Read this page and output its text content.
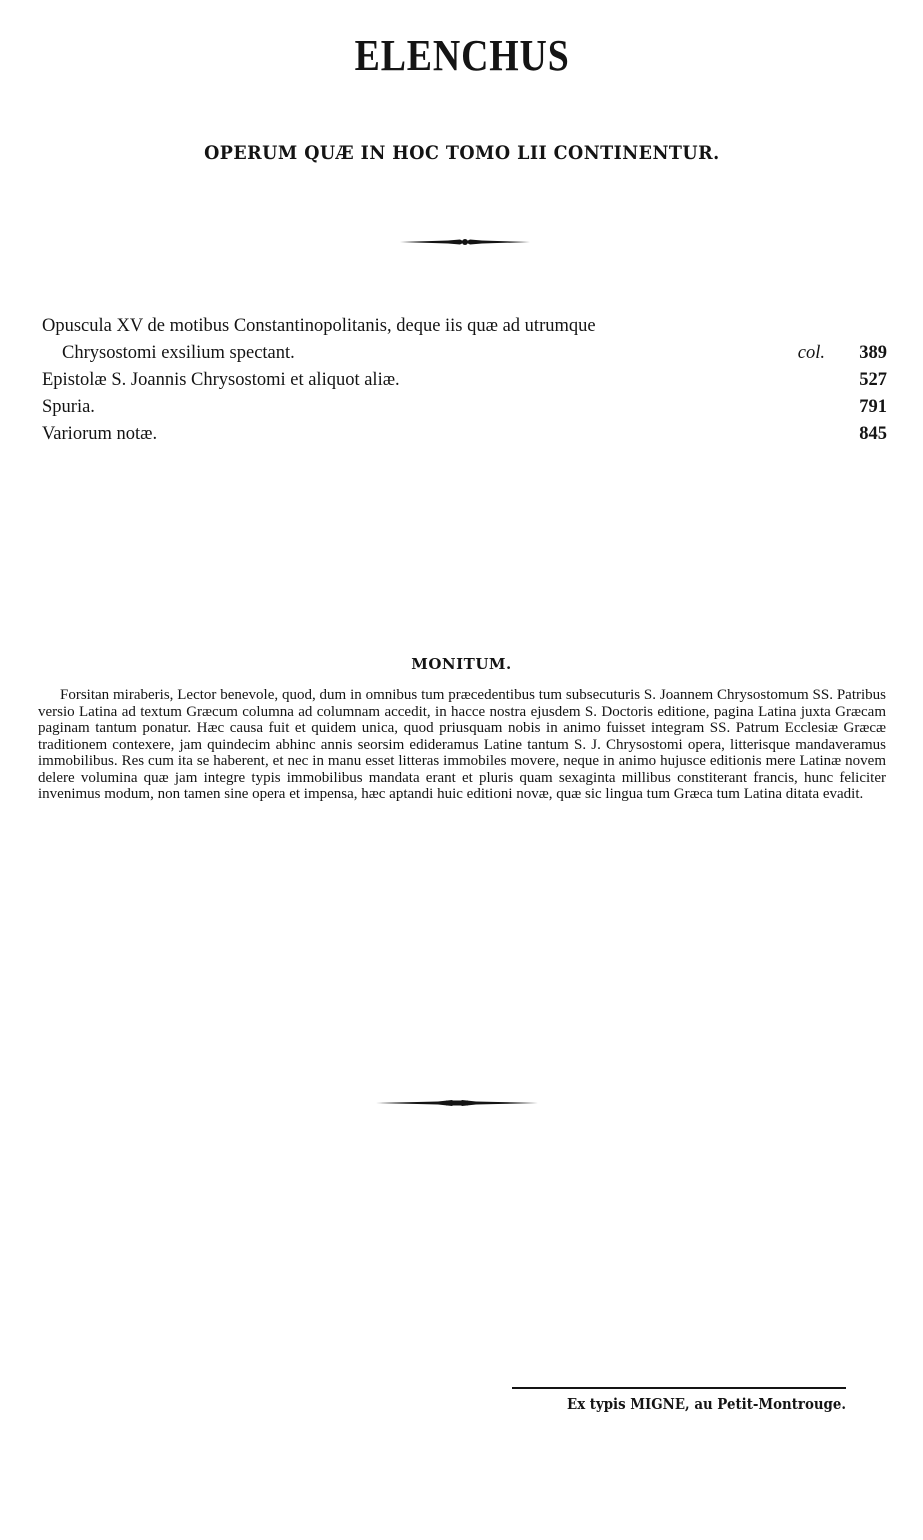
ELENCHUS
OPERUM QUÆ IN HOC TOMO LII CONTINENTUR.
Opuscula XV de motibus Constantinopolitanis, deque iis quæ ad utrumque
Chrysostomi exsilium spectant.	col. 389
Epistolæ S. Joannis Chrysostomi et aliquot aliæ.	527
Spuria.	791
Variorum notæ.	845
MONITUM.
Forsitan miraberis, Lector benevole, quod, dum in omnibus tum præcedentibus tum subsecuturis S. Joannem Chrysostomum SS. Patribus versio Latina ad textum Græcum columna ad columnam accedit, in hacce nostra ejusdem S. Doctoris editione, pagina Latina juxta Græcam paginam tantum ponatur. Hæc causa fuit et quidem unica, quod priusquam nobis in animo fuisset integram SS. Patrum Ecclesiæ Græcæ traditionem contexere, jam quindecim abhinc annis seorsim edideramus Latine tantum S. J. Chrysostomi opera, litterisque mandaveramus immobilibus. Res cum ita se haberent, et nec in manu esset litteras immobiles movere, neque in animo hujusce editionis mere Latinæ novem delere volumina quæ jam integre typis immobilibus mandata erant et pluris quam sexaginta millibus constiterant francis, hunc feliciter invenimus modum, non tamen sine opera et impensa, hæc aptandi huic editioni novæ, quæ sic lingua tum Græca tum Latina ditata evadit.
Ex typis MIGNE, au Petit-Montrouge.
